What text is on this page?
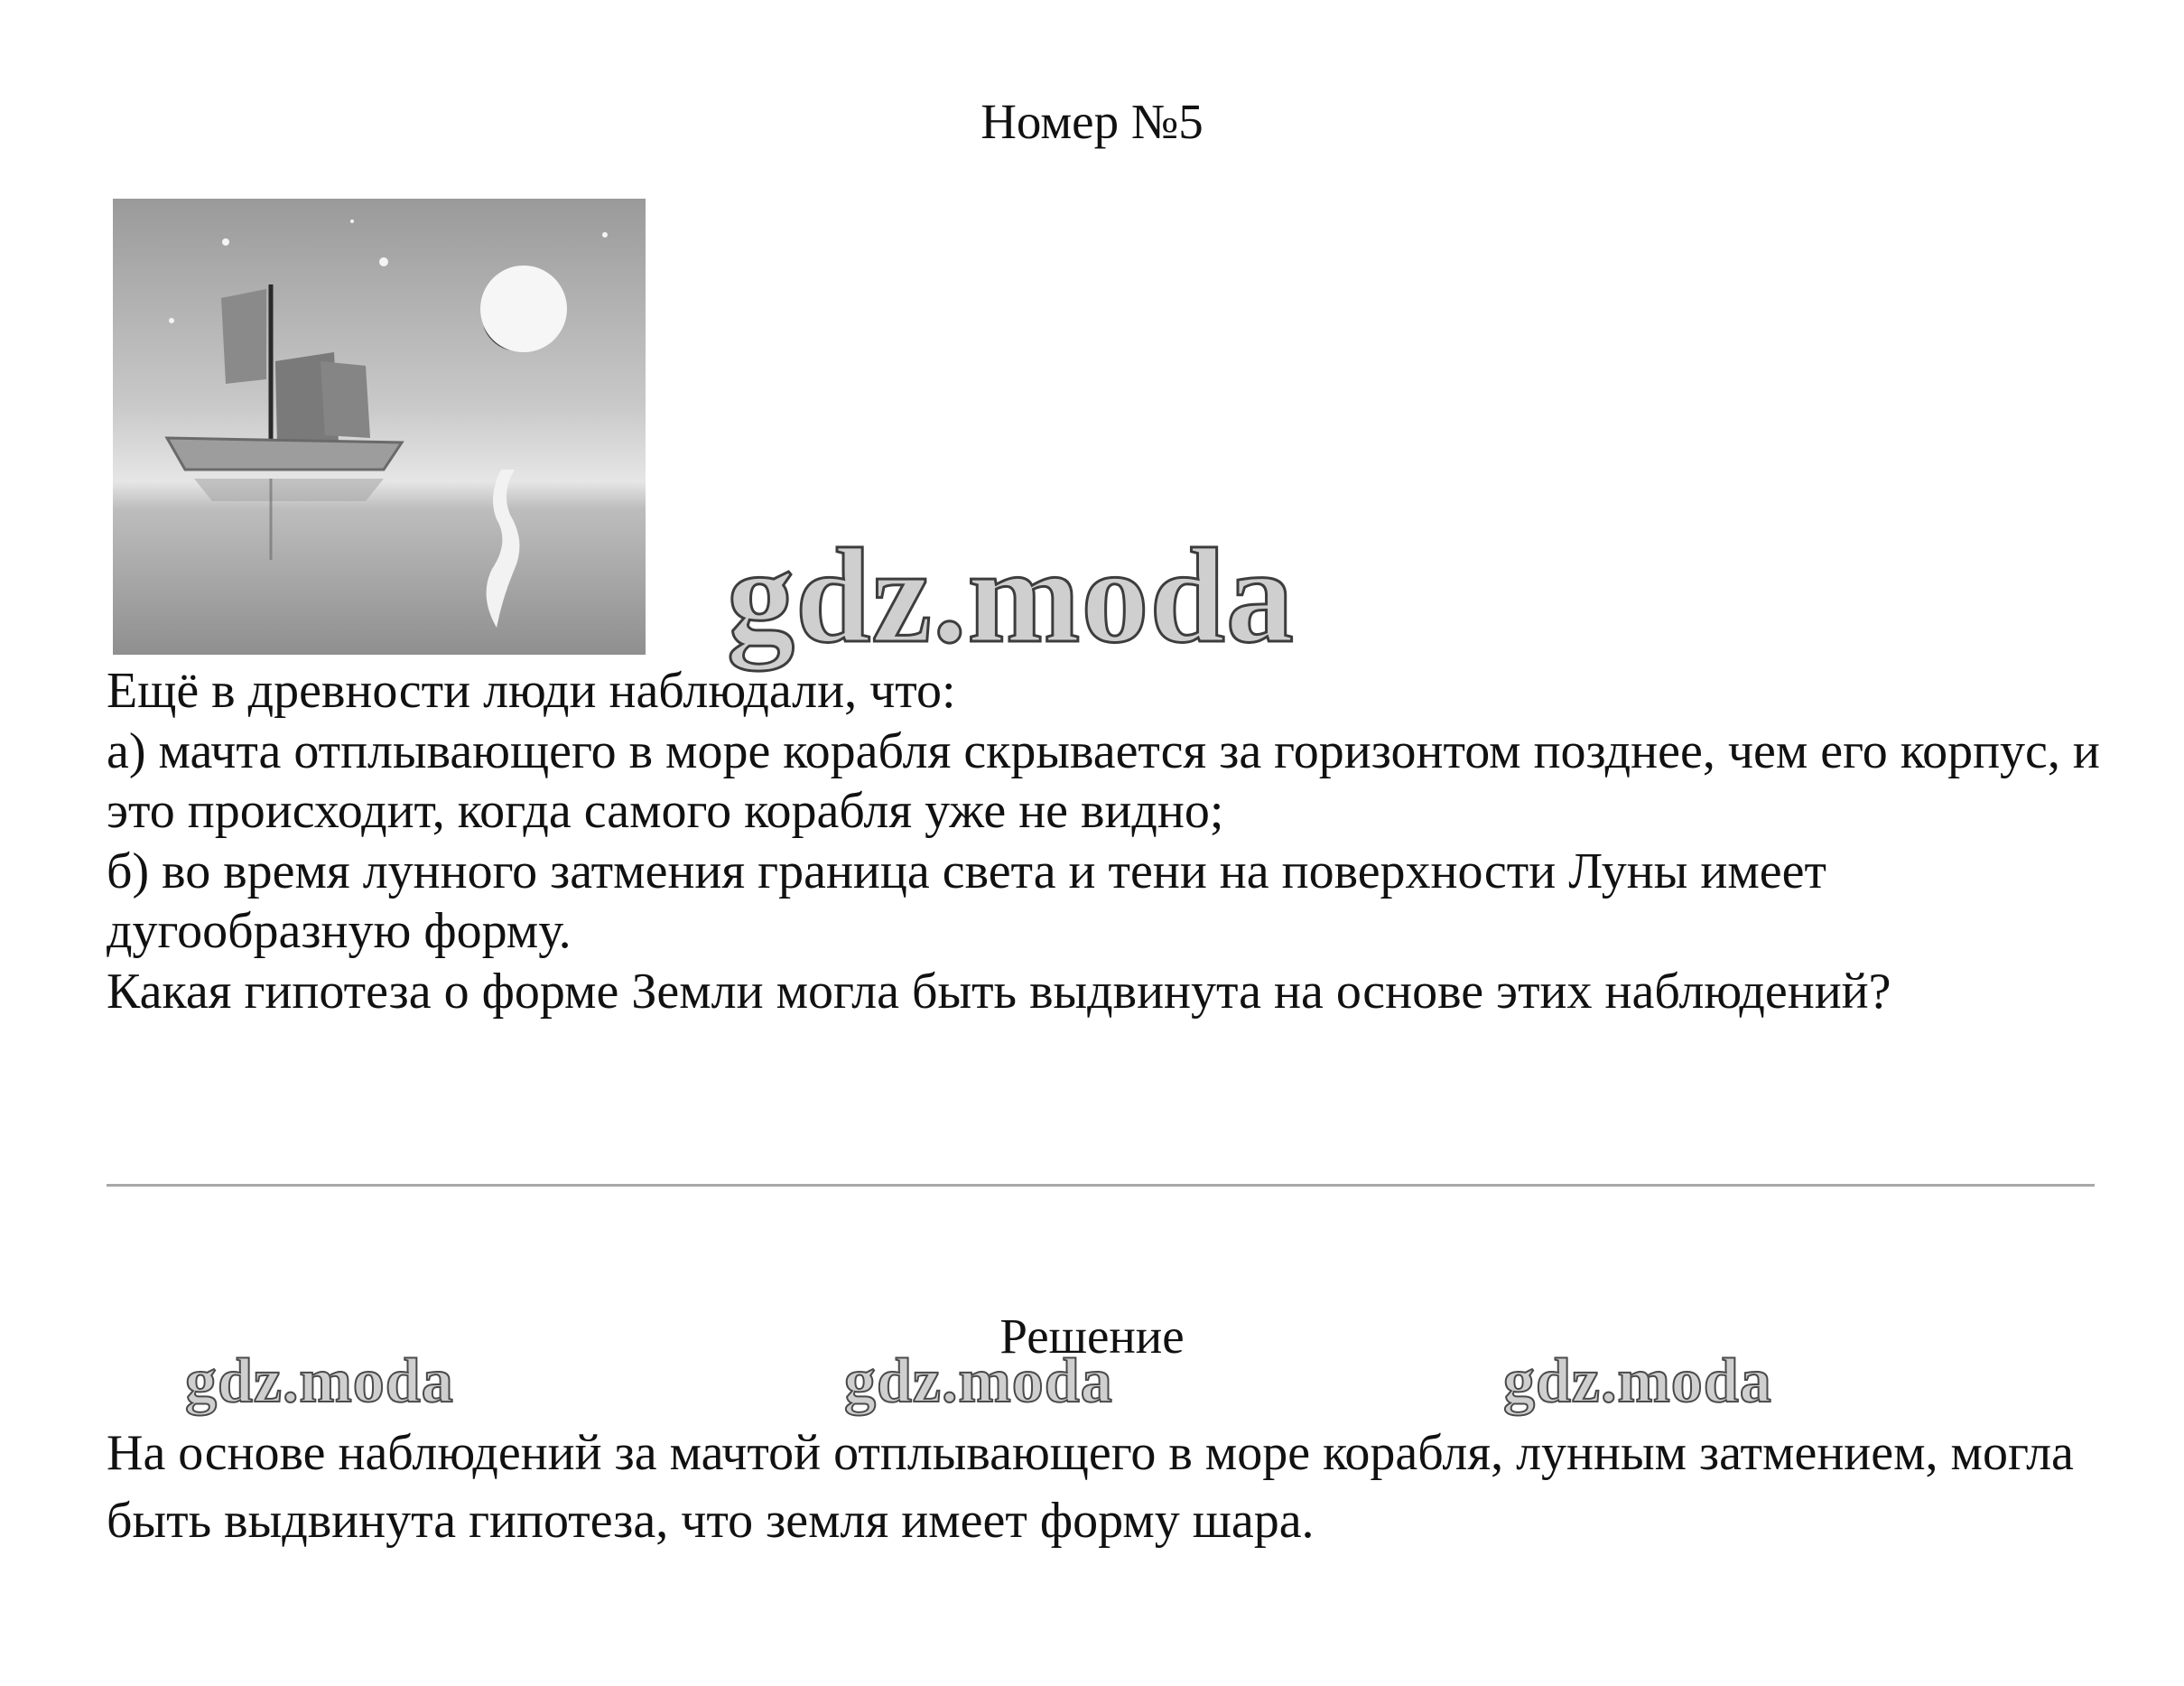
Номер №5
gdz.moda

Ещё в древности люди наблюдали, что:

а) мачта отплывающего в море корабля скрывается за горизонтом позднее, чем его корпус, и это происходит, когда самого корабля уже не видно;

б) во время лунного затмения граница света и тени на поверхности Луны имеет дугообразную форму.

Какая гипотеза о форме Земли могла быть выдвинута на основе этих наблюдений?

Решение
gdz.moda	gdz.moda	gdz.moda
На основе наблюдений за мачтой отплывающего в море корабля, лунным затмением, могла быть выдвинута гипотеза, что земля имеет форму шара.
